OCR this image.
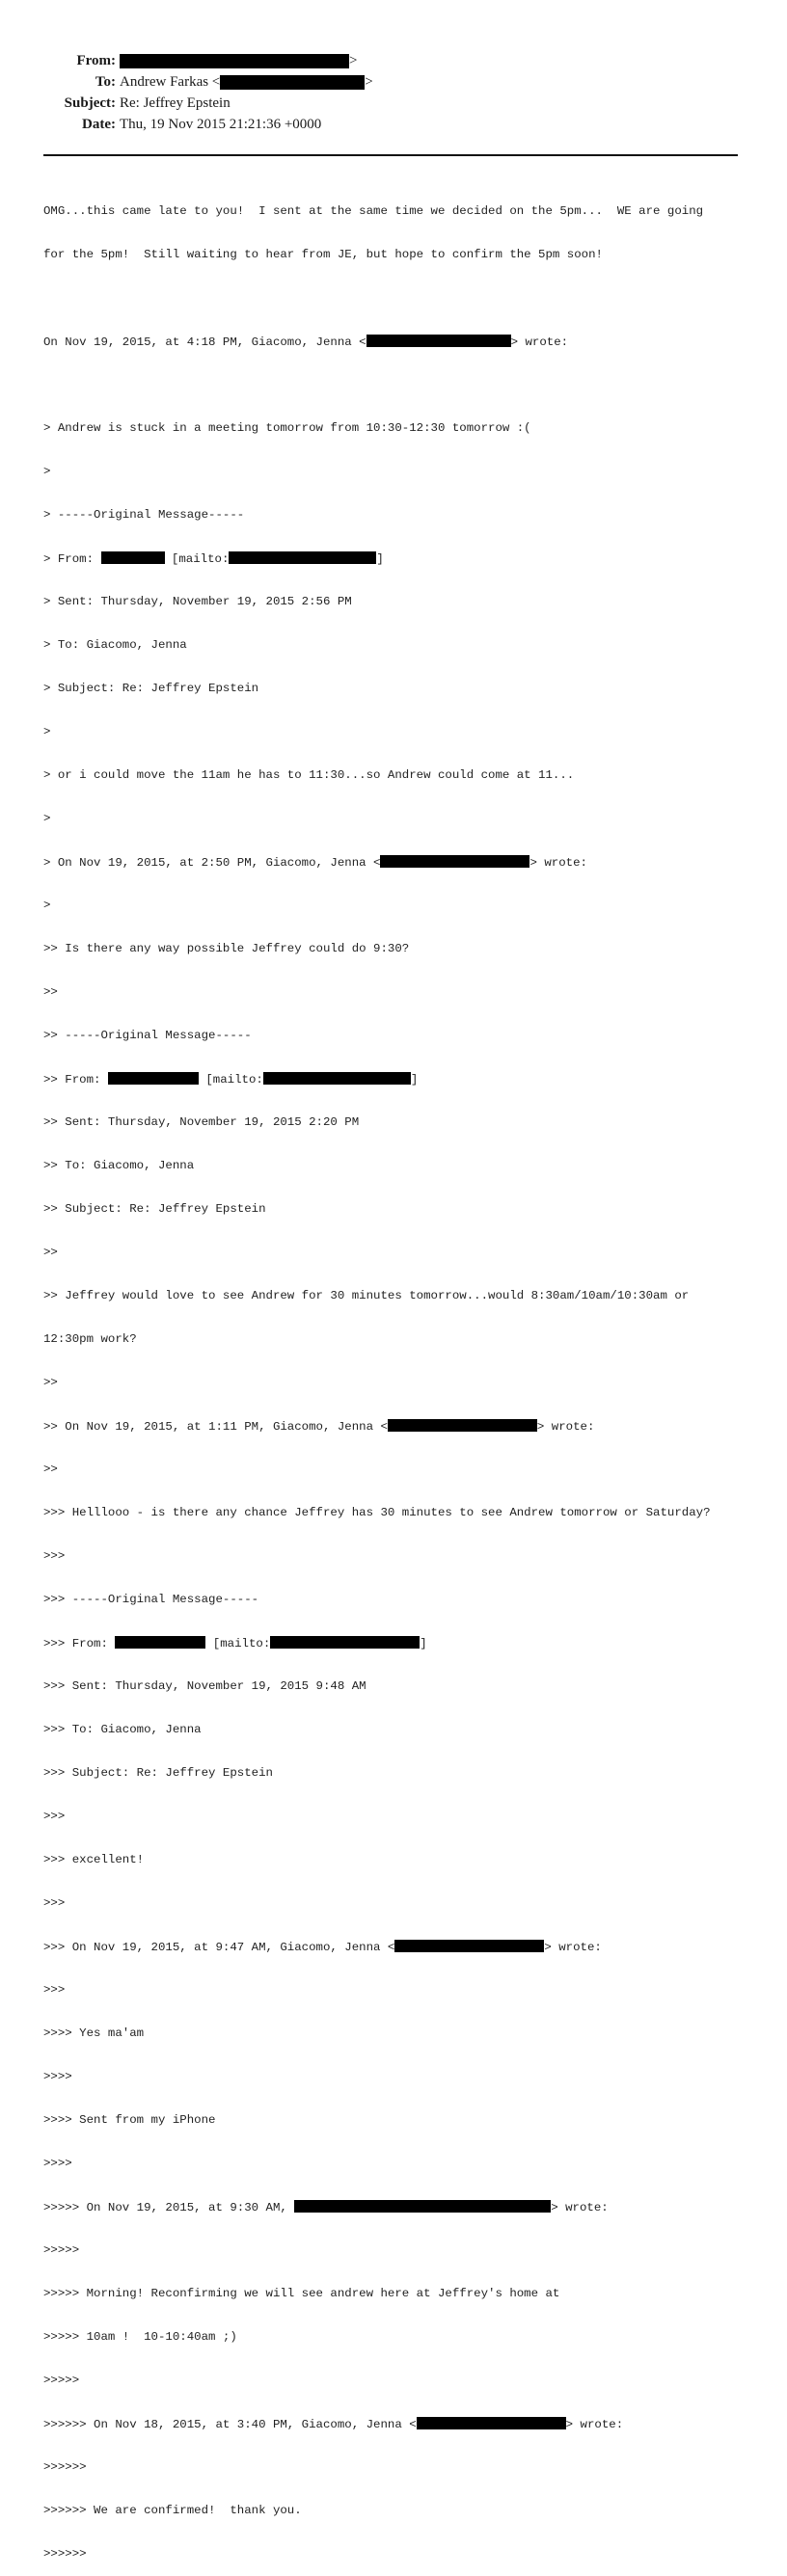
From:	>
To: Andrew Farkas <	>
Subject: Re: Jeffrey Epstein
Date: Thu, 19 Nov 2015 21:21:36 +0000

OMG...this came late to you!  I sent at the same time we decided on the 5pm...  WE are going

for the 5pm!  Still waiting to hear from JE, but hope to confirm the 5pm soon!

On Nov 19, 2015, at 4:18 PM, Giacomo, Jenna <	> wrote:

> Andrew is stuck in a meeting tomorrow from 10:30-12:30 tomorrow :(

>

> -----Original Message-----

> From:	[mailto:	]

> Sent: Thursday, November 19, 2015 2:56 PM

> To: Giacomo, Jenna

> Subject: Re: Jeffrey Epstein

>

> or i could move the 11am he has to 11:30...so Andrew could come at 11...

>

> On Nov 19, 2015, at 2:50 PM, Giacomo, Jenna <	> wrote:

>

>> Is there any way possible Jeffrey could do 9:30?

>>

>> -----Original Message-----

>> From:	[mailto:	]

>> Sent: Thursday, November 19, 2015 2:20 PM

>> To: Giacomo, Jenna

>> Subject: Re: Jeffrey Epstein

>>

>> Jeffrey would love to see Andrew for 30 minutes tomorrow...would 8:30am/10am/10:30am or

12:30pm work?

>>

>> On Nov 19, 2015, at 1:11 PM, Giacomo, Jenna <	> wrote:

>>

>>> Helllooo - is there any chance Jeffrey has 30 minutes to see Andrew tomorrow or Saturday?

>>>

>>> -----Original Message-----

>>> From:	[mailto:	]

>>> Sent: Thursday, November 19, 2015 9:48 AM

>>> To: Giacomo, Jenna

>>> Subject: Re: Jeffrey Epstein

>>>

>>> excellent!

>>>

>>> On Nov 19, 2015, at 9:47 AM, Giacomo, Jenna <	> wrote:

>>>

>>>> Yes ma'am

>>>>

>>>> Sent from my iPhone

>>>>

>>>>> On Nov 19, 2015, at 9:30 AM,	> wrote:

>>>>>

>>>>> Morning! Reconfirming we will see andrew here at Jeffrey's home at

>>>>> 10am !  10-10:40am ;)

>>>>>

>>>>>> On Nov 18, 2015, at 3:40 PM, Giacomo, Jenna <	> wrote:

>>>>>>

>>>>>> We are confirmed!  thank you.

>>>>>>
